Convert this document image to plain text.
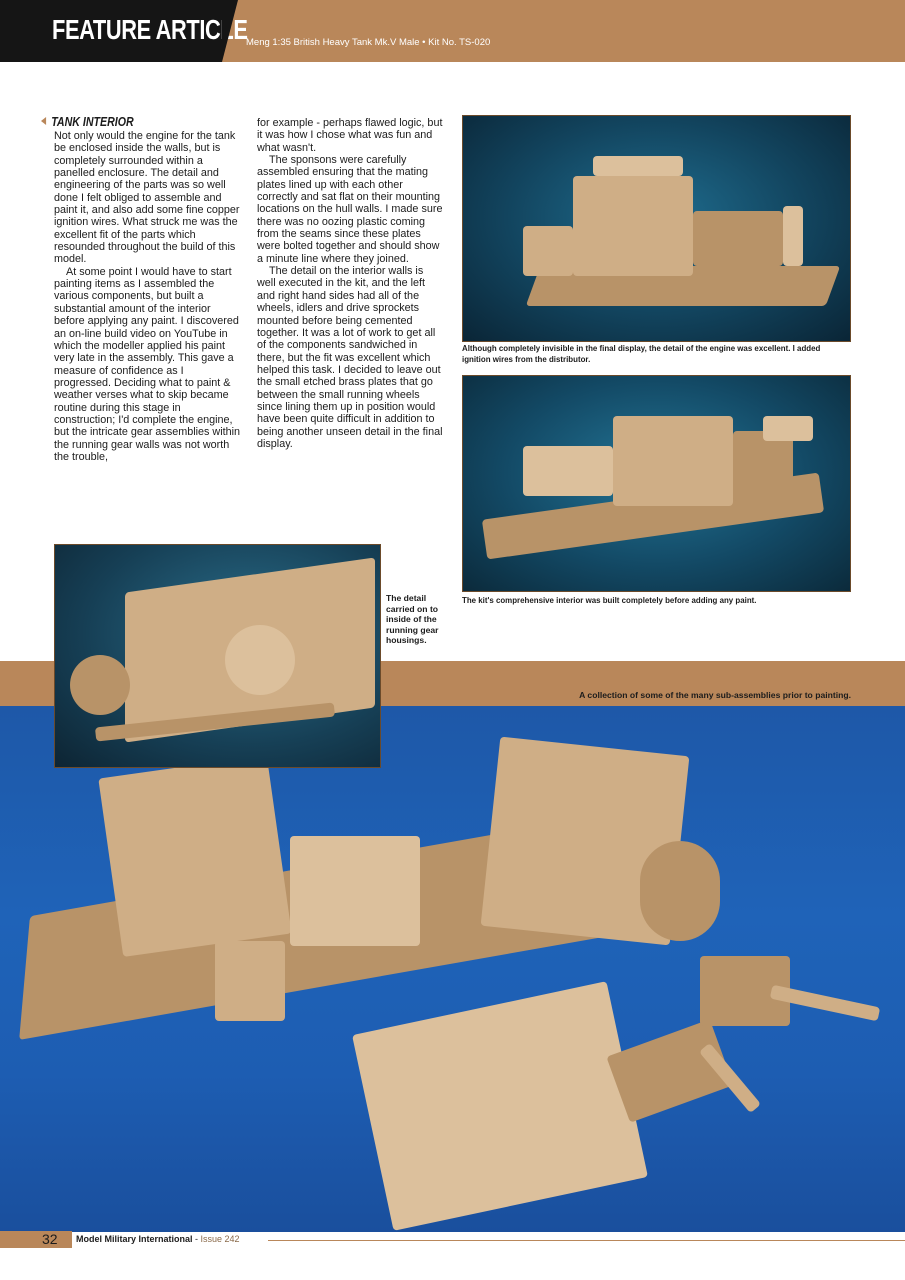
FEATURE ARTICLE
Meng 1:35 British Heavy Tank Mk.V Male • Kit No. TS-020
TANK INTERIOR

Not only would the engine for the tank be enclosed inside the walls, but is completely surrounded within a panelled enclosure. The detail and engineering of the parts was so well done I felt obliged to assemble and paint it, and also add some fine copper ignition wires. What struck me was the excellent fit of the parts which resounded throughout the build of this model.

At some point I would have to start painting items as I assembled the various components, but built a substantial amount of the interior before applying any paint. I discovered an on-line build video on YouTube in which the modeller applied his paint very late in the assembly. This gave a measure of confidence as I progressed. Deciding what to paint & weather verses what to skip became routine during this stage in construction; I'd complete the engine, but the intricate gear assemblies within the running gear walls was not worth the trouble,

for example - perhaps flawed logic, but it was how I chose what was fun and what wasn't.

The sponsons were carefully assembled ensuring that the mating plates lined up with each other correctly and sat flat on their mounting locations on the hull walls. I made sure there was no oozing plastic coming from the seams since these plates were bolted together and should show a minute line where they joined.

The detail on the interior walls is well executed in the kit, and the left and right hand sides had all of the wheels, idlers and drive sprockets mounted before being cemented together. It was a lot of work to get all of the components sandwiched in there, but the fit was excellent which helped this task. I decided to leave out the small etched brass plates that go between the small running wheels since lining them up in position would have been quite difficult in addition to being another unseen detail in the final display.

Although completely invisible in the final display, the detail of the engine was excellent. I added ignition wires from the distributor.
The kit's comprehensive interior was built completely before adding any paint.
A collection of some of the many sub-assemblies prior to painting.
The detail carried on to inside of the running gear housings.
32 Model Military International - Issue 242
